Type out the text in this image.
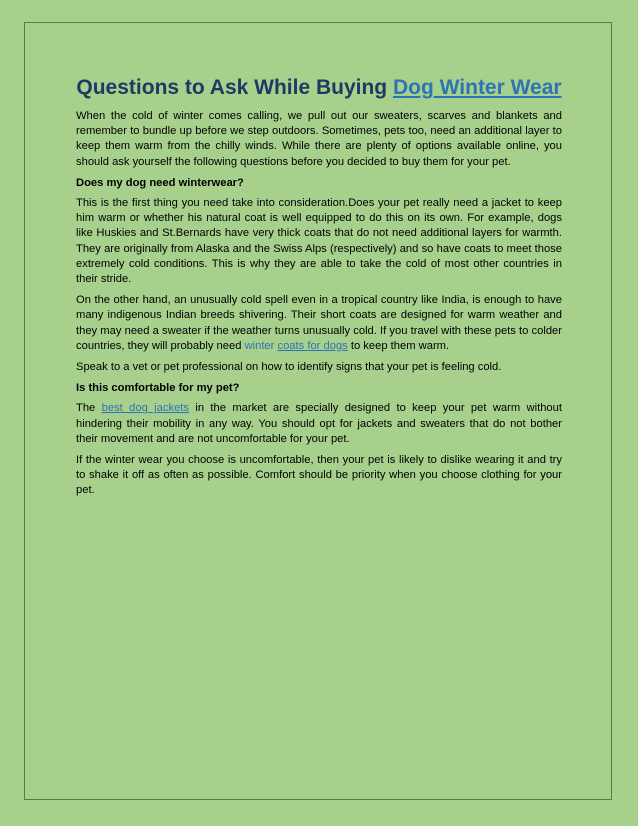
Questions to Ask While Buying Dog Winter Wear

When the cold of winter comes calling, we pull out our sweaters, scarves and blankets and remember to bundle up before we step outdoors. Sometimes, pets too, need an additional layer to keep them warm from the chilly winds. While there are plenty of options available online, you should ask yourself the following questions before you decided to buy them for your pet.

Does my dog need winterwear?

This is the first thing you need take into consideration.Does your pet really need a jacket to keep him warm or whether his natural coat is well equipped to do this on its own. For example, dogs like Huskies and St.Bernards have very thick coats that do not need additional layers for warmth. They are originally from Alaska and the Swiss Alps (respectively) and so have coats to meet those extremely cold conditions. This is why they are able to take the cold of most other countries in their stride.

On the other hand, an unusually cold spell even in a tropical country like India, is enough to have many indigenous Indian breeds shivering. Their short coats are designed for warm weather and they may need a sweater if the weather turns unusually cold. If you travel with these pets to colder countries, they will probably need winter coats for dogs to keep them warm.

Speak to a vet or pet professional on how to identify signs that your pet is feeling cold.

Is this comfortable for my pet?

The best dog jackets in the market are specially designed to keep your pet warm without hindering their mobility in any way. You should opt for jackets and sweaters that do not bother their movement and are not uncomfortable for your pet.

If the winter wear you choose is uncomfortable, then your pet is likely to dislike wearing it and try to shake it off as often as possible. Comfort should be priority when you choose clothing for your pet.
